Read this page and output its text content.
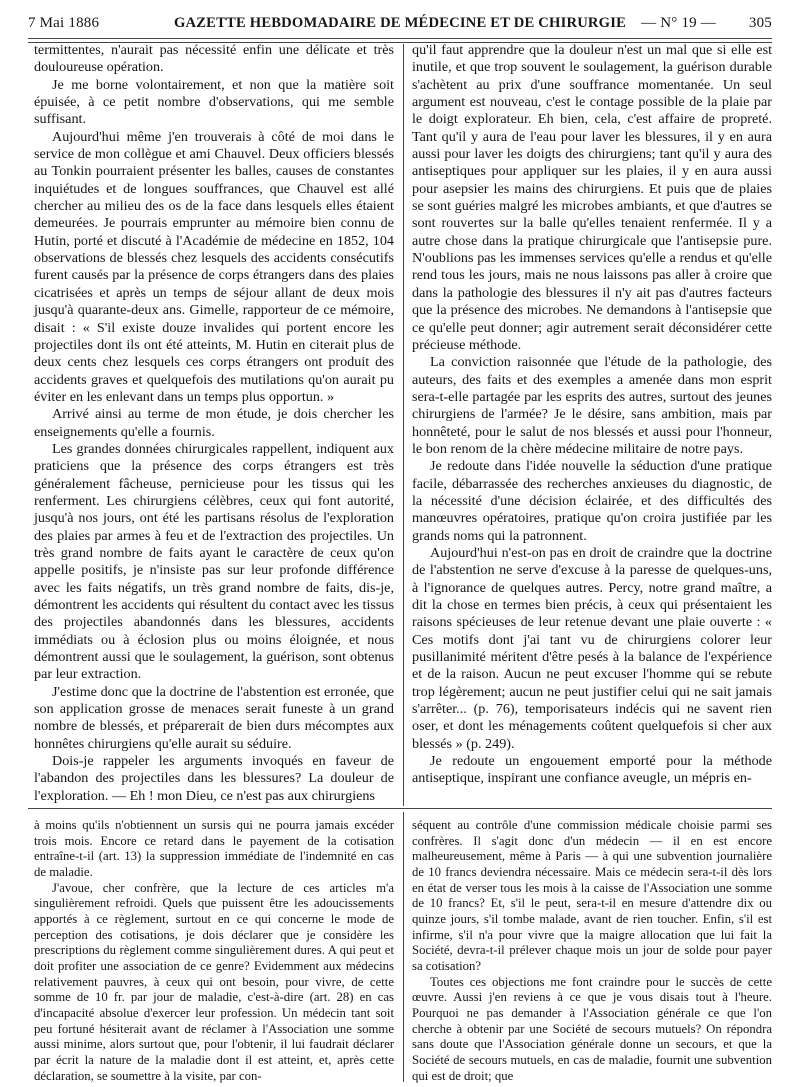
7 Mai 1886	GAZETTE HEBDOMADAIRE DE MÉDECINE ET DE CHIRURGIE	— N° 19 — 305

termittentes, n'aurait pas nécessité enfin une délicate et très douloureuse opération.

Je me borne volontairement, et non que la matière soit épuisée, à ce petit nombre d'observations, qui me semble suffisant.

Aujourd'hui même j'en trouverais à côté de moi dans le service de mon collègue et ami Chauvel. Deux officiers blessés au Tonkin pourraient présenter les balles, causes de constantes inquiétudes et de longues souffrances, que Chauvel est allé chercher au milieu des os de la face dans lesquels elles étaient demeurées. Je pourrais emprunter au mémoire bien connu de Hutin, porté et discuté à l'Académie de médecine en 1852, 104 observations de blessés chez lesquels des accidents consécutifs furent causés par la présence de corps étrangers dans des plaies cicatrisées et après un temps de séjour allant de deux mois jusqu'à quarante-deux ans. Gimelle, rapporteur de ce mémoire, disait : « S'il existe douze invalides qui portent encore les projectiles dont ils ont été atteints, M. Hutin en citerait plus de deux cents chez lesquels ces corps étrangers ont produit des accidents graves et quelquefois des mutilations qu'on aurait pu éviter en les enlevant dans un temps plus opportun. »

Arrivé ainsi au terme de mon étude, je dois chercher les enseignements qu'elle a fournis.

Les grandes données chirurgicales rappellent, indiquent aux praticiens que la présence des corps étrangers est très généralement fâcheuse, pernicieuse pour les tissus qui les renferment. Les chirurgiens célèbres, ceux qui font autorité, jusqu'à nos jours, ont été les partisans résolus de l'exploration des plaies par armes à feu et de l'extraction des projectiles. Un très grand nombre de faits ayant le caractère de ceux qu'on appelle positifs, je n'insiste pas sur leur profonde différence avec les faits négatifs, un très grand nombre de faits, dis-je, démontrent les accidents qui résultent du contact avec les tissus des projectiles abandonnés dans les blessures, accidents immédiats ou à éclosion plus ou moins éloignée, et nous démontrent aussi que le soulagement, la guérison, sont obtenus par leur extraction.

J'estime donc que la doctrine de l'abstention est erronée, que son application grosse de menaces serait funeste à un grand nombre de blessés, et préparerait de bien durs mécomptes aux honnêtes chirurgiens qu'elle aurait su séduire.

Dois-je rappeler les arguments invoqués en faveur de l'abandon des projectiles dans les blessures? La douleur de l'exploration. — Eh ! mon Dieu, ce n'est pas aux chirurgiens

qu'il faut apprendre que la douleur n'est un mal que si elle est inutile, et que trop souvent le soulagement, la guérison durable s'achètent au prix d'une souffrance momentanée. Un seul argument est nouveau, c'est le contage possible de la plaie par le doigt explorateur. Eh bien, cela, c'est affaire de propreté. Tant qu'il y aura de l'eau pour laver les blessures, il y en aura aussi pour laver les doigts des chirurgiens; tant qu'il y aura des antiseptiques pour appliquer sur les plaies, il y en aura aussi pour asepsier les mains des chirurgiens. Et puis que de plaies se sont guéries malgré les microbes ambiants, et que d'autres se sont rouvertes sur la balle qu'elles tenaient renfermée. Il y a autre chose dans la pratique chirurgicale que l'antisepsie pure. N'oublions pas les immenses services qu'elle a rendus et qu'elle rend tous les jours, mais ne nous laissons pas aller à croire que dans la pathologie des blessures il n'y ait pas d'autres facteurs que la présence des microbes. Ne demandons à l'antisepsie que ce qu'elle peut donner; agir autrement serait déconsidérer cette précieuse méthode.

La conviction raisonnée que l'étude de la pathologie, des auteurs, des faits et des exemples a amenée dans mon esprit sera-t-elle partagée par les esprits des autres, surtout des jeunes chirurgiens de l'armée? Je le désire, sans ambition, mais par honnêteté, pour le salut de nos blessés et aussi pour l'honneur, le bon renom de la chère médecine militaire de notre pays.

Je redoute dans l'idée nouvelle la séduction d'une pratique facile, débarrassée des recherches anxieuses du diagnostic, de la nécessité d'une décision éclairée, et des difficultés des manœuvres opératoires, pratique qu'on croira justifiée par les grands noms qui la patronnent.

Aujourd'hui n'est-on pas en droit de craindre que la doctrine de l'abstention ne serve d'excuse à la paresse de quelques-uns, à l'ignorance de quelques autres. Percy, notre grand maître, a dit la chose en termes bien précis, à ceux qui présentaient les raisons spécieuses de leur retenue devant une plaie ouverte : « Ces motifs dont j'ai tant vu de chirurgiens colorer leur pusillanimité méritent d'être pesés à la balance de l'expérience et de la raison. Aucun ne peut excuser l'homme qui se rebute trop légèrement; aucun ne peut justifier celui qui ne sait jamais s'arrêter... (p. 76), temporisateurs indécis qui ne savent rien oser, et dont les ménagements coûtent quelquefois si cher aux blessés » (p. 249).

Je redoute un engouement emporté pour la méthode antiseptique, inspirant une confiance aveugle, un mépris en-

à moins qu'ils n'obtiennent un sursis qui ne pourra jamais excéder trois mois. Encore ce retard dans le payement de la cotisation entraîne-t-il (art. 13) la suppression immédiate de l'indemnité en cas de maladie.

J'avoue, cher confrère, que la lecture de ces articles m'a singulièrement refroidi. Quels que puissent être les adoucissements apportés à ce règlement, surtout en ce qui concerne le mode de perception des cotisations, je dois déclarer que je considère les prescriptions du règlement comme singulièrement dures. A qui peut et doit profiter une association de ce genre? Evidemment aux médecins relativement pauvres, à ceux qui ont besoin, pour vivre, de cette somme de 10 fr. par jour de maladie, c'est-à-dire (art. 28) en cas d'incapacité absolue d'exercer leur profession. Un médecin tant soit peu fortuné hésiterait avant de réclamer à l'Association une somme aussi minime, alors surtout que, pour l'obtenir, il lui faudrait déclarer par écrit la nature de la maladie dont il est atteint, et, après cette déclaration, se soumettre à la visite, par con-

séquent au contrôle d'une commission médicale choisie parmi ses confrères. Il s'agit donc d'un médecin — il en est encore malheureusement, même à Paris — à qui une subvention journalière de 10 francs deviendra nécessaire. Mais ce médecin sera-t-il dès lors en état de verser tous les mois à la caisse de l'Association une somme de 10 francs? Et, s'il le peut, sera-t-il en mesure d'attendre dix ou quinze jours, s'il tombe malade, avant de rien toucher. Enfin, s'il est infirme, s'il n'a pour vivre que la maigre allocation que lui fait la Société, devra-t-il prélever chaque mois un jour de solde pour payer sa cotisation?

Toutes ces objections me font craindre pour le succès de cette œuvre. Aussi j'en reviens à ce que je vous disais tout à l'heure. Pourquoi ne pas demander à l'Association générale ce que l'on cherche à obtenir par une Société de secours mutuels? On répondra sans doute que l'Association générale donne un secours, et que la Société de secours mutuels, en cas de maladie, fournit une subvention qui est de droit; que
